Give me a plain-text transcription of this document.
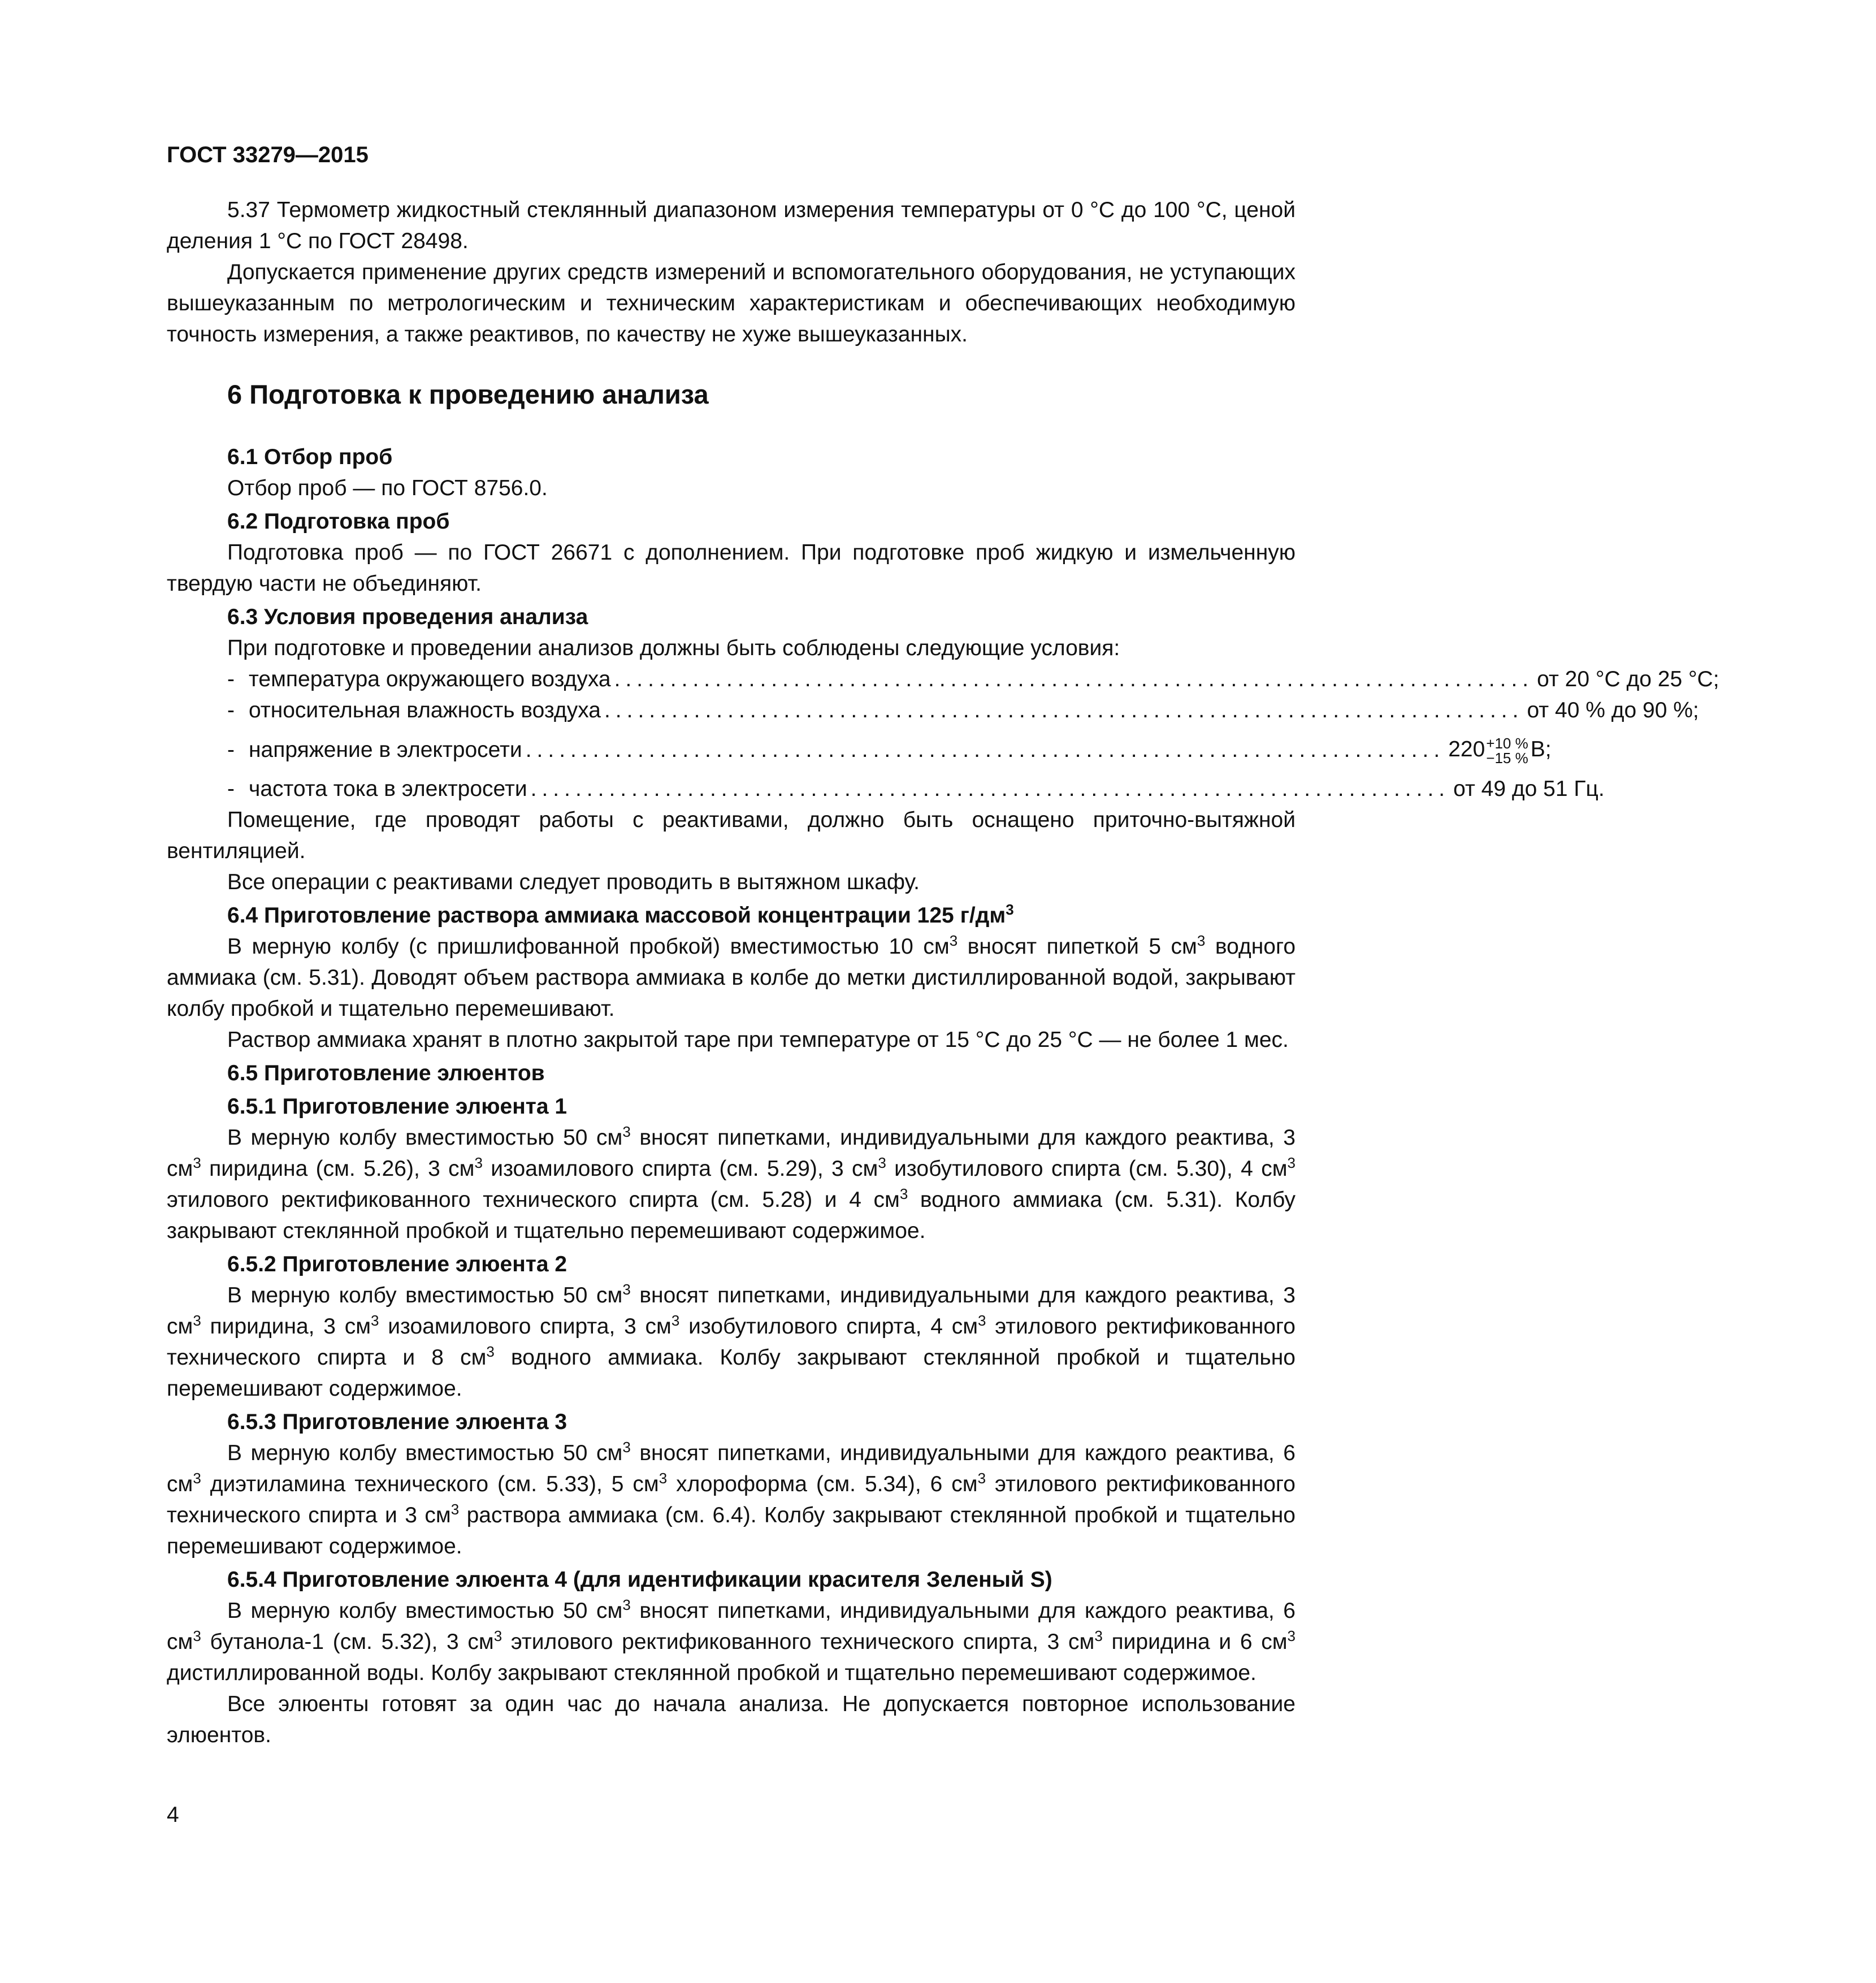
ГОСТ 33279—2015

5.37 Термометр жидкостный стеклянный диапазоном измерения температуры от 0 °C до 100 °C, ценой деления 1 °C по ГОСТ 28498.

Допускается применение других средств измерений и вспомогательного оборудования, не уступающих вышеуказанным по метрологическим и техническим характеристикам и обеспечивающих необходимую точность измерения, а также реактивов, по качеству не хуже вышеуказанных.

6 Подготовка к проведению анализа
6.1 Отбор проб

Отбор проб — по ГОСТ 8756.0.

6.2 Подготовка проб

Подготовка проб — по ГОСТ 26671 с дополнением. При подготовке проб жидкую и измельченную твердую части не объединяют.

6.3 Условия проведения анализа

При подготовке и проведении анализов должны быть соблюдены следующие условия:

- температура окружающего воздуха .................................................................................. от 20 °C до 25 °C;
- относительная влажность воздуха .................................................................................. от 40 % до 90 %;
- напряжение в электросети .................................................................................. 220 +10 %
−15 % В;
- частота тока в электросети .................................................................................. от 49 до 51 Гц.

Помещение, где проводят работы с реактивами, должно быть оснащено приточно-вытяжной вентиляцией.

Все операции с реактивами следует проводить в вытяжном шкафу.

6.4 Приготовление раствора аммиака массовой концентрации 125 $г/дм^3$

В мерную колбу (с пришлифованной пробкой) вместимостью 10 $см^3$ вносят пипеткой 5 $см^3$ водного аммиака (см. 5.31). Доводят объем раствора аммиака в колбе до метки дистиллированной водой, закрывают колбу пробкой и тщательно перемешивают.

Раствор аммиака хранят в плотно закрытой таре при температуре от 15 °C до 25 °C — не более 1 мес.

6.5 Приготовление элюентов
6.5.1 Приготовление элюента 1

В мерную колбу вместимостью 50 $см^3$ вносят пипетками, индивидуальными для каждого реактива, 3 $см^3$ пиридина (см. 5.26), 3 $см^3$ изоамилового спирта (см. 5.29), 3 $см^3$ изобутилового спирта (см. 5.30), 4 $см^3$ этилового ректификованного технического спирта (см. 5.28) и 4 $см^3$ водного аммиака (см. 5.31). Колбу закрывают стеклянной пробкой и тщательно перемешивают содержимое.

6.5.2 Приготовление элюента 2

В мерную колбу вместимостью 50 $см^3$ вносят пипетками, индивидуальными для каждого реактива, 3 $см^3$ пиридина, 3 $см^3$ изоамилового спирта, 3 $см^3$ изобутилового спирта, 4 $см^3$ этилового ректификованного технического спирта и 8 $см^3$ водного аммиака. Колбу закрывают стеклянной пробкой и тщательно перемешивают содержимое.

6.5.3 Приготовление элюента 3

В мерную колбу вместимостью 50 $см^3$ вносят пипетками, индивидуальными для каждого реактива, 6 $см^3$ диэтиламина технического (см. 5.33), 5 $см^3$ хлороформа (см. 5.34), 6 $см^3$ этилового ректификованного технического спирта и 3 $см^3$ раствора аммиака (см. 6.4). Колбу закрывают стеклянной пробкой и тщательно перемешивают содержимое.

6.5.4 Приготовление элюента 4 (для идентификации красителя Зеленый S)

В мерную колбу вместимостью 50 $см^3$ вносят пипетками, индивидуальными для каждого реактива, 6 $см^3$ бутанола-1 (см. 5.32), 3 $см^3$ этилового ректификованного технического спирта, 3 $см^3$ пиридина и 6 $см^3$ дистиллированной воды. Колбу закрывают стеклянной пробкой и тщательно перемешивают содержимое.

Все элюенты готовят за один час до начала анализа. Не допускается повторное использование элюентов.

4
